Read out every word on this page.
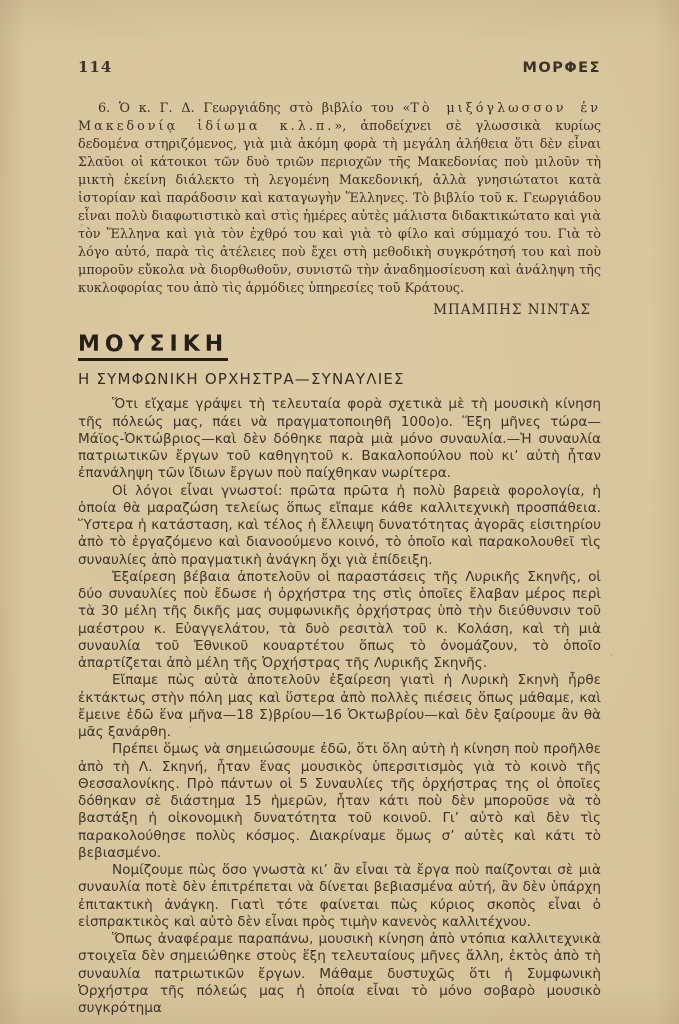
114	ΜΟΡΦΕΣ

6. Ὁ κ. Γ. Δ. Γεωργιάδης στὸ βιβλίο του «Τὸ μιξόγλωσσον ἐν Μακεδονίᾳ ἰδίωμα κ.λ.π.», ἀποδείχνει σὲ γλωσσικὰ κυρίως δεδομένα στηριζόμενος, γιὰ μιὰ ἀκόμη φορὰ τὴ μεγάλη ἀλήθεια ὅτι δὲν εἶναι Σλαῦοι οἱ κάτοικοι τῶν δυὸ τριῶν περιοχῶν τῆς Μακεδονίας ποὺ μιλοῦν τὴ μικτὴ ἐκείνη διάλεκτο τὴ λεγομένη Μακεδονική, ἀλλὰ γνησιώτατοι κατὰ ἱστορίαν καὶ παράδοσιν καὶ καταγωγὴν Ἕλληνες. Τὸ βιβλίο τοῦ κ. Γεωργιάδου εἶναι πολὺ διαφωτιστικὸ καὶ στὶς ἡμέρες αὐτὲς μάλιστα διδακτικώτατο καὶ γιὰ τὸν Ἕλληνα καὶ γιὰ τὸν ἐχθρό του καὶ γιὰ τὸ φίλο καὶ σύμμαχό του. Γιὰ τὸ λόγο αὐτό, παρὰ τὶς ἀτέλειες ποὺ ἔχει στὴ μεθοδικὴ συγκρότησή του καὶ ποὺ μποροῦν εὔκολα νὰ διορθωθοῦν, συνιστῶ τὴν ἀναδημοσίευση καὶ ἀνάληψη τῆς κυκλοφορίας του ἀπὸ τὶς ἁρμόδιες ὑπηρεσίες τοῦ Κράτους.

ΜΠΑΜΠΗΣ ΝΙΝΤΑΣ

ΜΟΥΣΙΚΗ
Η ΣΥΜΦΩΝΙΚΗ ΟΡΧΗΣΤΡΑ—ΣΥΝΑΥΛΙΕΣ

Ὅτι εἴχαμε γράψει τὴ τελευταία φορὰ σχετικὰ μὲ τὴ μουσικὴ κίνηση τῆς πόλεώς μας, πάει νὰ πραγματοποιηθῆ 100ο)ο. Ἕξη μῆνες τώρα—Μάϊος-Ὀκτώβριος—καὶ δὲν δόθηκε παρὰ μιὰ μόνο συναυλία.—Ἡ συναυλία πατριωτικῶν ἔργων τοῦ καθηγητοῦ κ. Βακαλοπούλου ποὺ κι’ αὐτὴ ἦταν ἐπανάληψη τῶν ἴδιων ἔργων ποὺ παίχθηκαν νωρίτερα.

Οἱ λόγοι εἶναι γνωστοί: πρῶτα πρῶτα ἡ πολὺ βαρειὰ φορολογία, ἡ ὁποία θὰ μαραζώση τελείως ὅπως εἴπαμε κάθε καλλιτεχνικὴ προσπάθεια. Ὕστερα ἡ κατάσταση, καὶ τέλος ἡ ἔλλειψη δυνατότητας ἀγορᾶς εἰσιτηρίου ἀπὸ τὸ ἐργαζόμενο καὶ διανοούμενο κοινό, τὸ ὁποῖο καὶ παρακολουθεῖ τὶς συναυλίες ἀπὸ πραγματικὴ ἀνάγκη ὄχι γιὰ ἐπίδειξη.

Ἐξαίρεση βέβαια ἀποτελοῦν οἱ παραστάσεις τῆς Λυρικῆς Σκηνῆς, οἱ δύο συναυλίες ποὺ ἔδωσε ἡ ὀρχήστρα της στὶς ὁποῖες ἔλαβαν μέρος περὶ τὰ 30 μέλη τῆς δικῆς μας συμφωνικῆς ὀρχήστρας ὑπὸ τὴν διεύθυνσιν τοῦ μαέστρου κ. Εὐαγγελάτου, τὰ δυὸ ρεσιτὰλ τοῦ κ. Κολάση, καὶ τὴ μιὰ συναυλία τοῦ Ἐθνικοῦ κουαρτέτου ὅπως τὸ ὀνομάζουν, τὸ ὁποῖο ἀπαρτίζεται ἀπὸ μέλη τῆς Ὀρχήστρας τῆς Λυρικῆς Σκηνῆς.

Εἴπαμε πὼς αὐτὰ ἀποτελοῦν ἐξαίρεση γιατὶ ἡ Λυρικὴ Σκηνὴ ἦρθε ἐκτάκτως στὴν πόλη μας καὶ ὕστερα ἀπὸ πολλὲς πιέσεις ὅπως μάθαμε, καὶ ἔμεινε ἐδῶ ἕνα μῆνα—18 Σ)βρίου—16 Ὀκτωβρίου—καὶ δὲν ξαίρουμε ἂν θὰ μᾶς ξανάρθη.

Πρέπει ὅμως νὰ σημειώσουμε ἐδῶ, ὅτι ὅλη αὐτὴ ἡ κίνηση ποὺ προῆλθε ἀπὸ τὴ Λ. Σκηνή, ἦταν ἕνας μουσικὸς ὑπερσιτισμὸς γιὰ τὸ κοινὸ τῆς Θεσσαλονίκης. Πρὸ πάντων οἱ 5 Συναυλίες τῆς ὀρχήστρας της οἱ ὁποῖες δόθηκαν σὲ διάστημα 15 ἡμερῶν, ἦταν κάτι ποὺ δὲν μποροῦσε νὰ τὸ βαστάξη ἡ οἰκονομικὴ δυνατότητα τοῦ κοινοῦ. Γι’ αὐτὸ καὶ δὲν τὶς παρακολούθησε πολὺς κόσμος. Διακρίναμε ὅμως σ’ αὐτὲς καὶ κάτι τὸ βεβιασμένο.

Νομίζουμε πὼς ὅσο γνωστὰ κι’ ἂν εἶναι τὰ ἔργα ποὺ παίζονται σὲ μιὰ συναυλία ποτὲ δὲν ἐπιτρέπεται νὰ δίνεται βεβιασμένα αὐτή, ἂν δὲν ὑπάρχη ἐπιτακτικὴ ἀνάγκη. Γιατὶ τότε φαίνεται πὼς κύριος σκοπὸς εἶναι ὁ εἰσπρακτικὸς καὶ αὐτὸ δὲν εἶναι πρὸς τιμὴν κανενὸς καλλιτέχνου.

Ὅπως ἀναφέραμε παραπάνω, μουσικὴ κίνηση ἀπὸ ντόπια καλλιτεχνικὰ στοιχεῖα δὲν σημειώθηκε στοὺς ἕξη τελευταίους μῆνες ἄλλη, ἐκτὸς ἀπὸ τὴ συναυλία πατριωτικῶν ἔργων. Μάθαμε δυστυχῶς ὅτι ἡ Συμφωνικὴ Ὀρχήστρα τῆς πόλεώς μας ἡ ὁποία εἶναι τὸ μόνο σοβαρὸ μουσικὸ συγκρότημα
